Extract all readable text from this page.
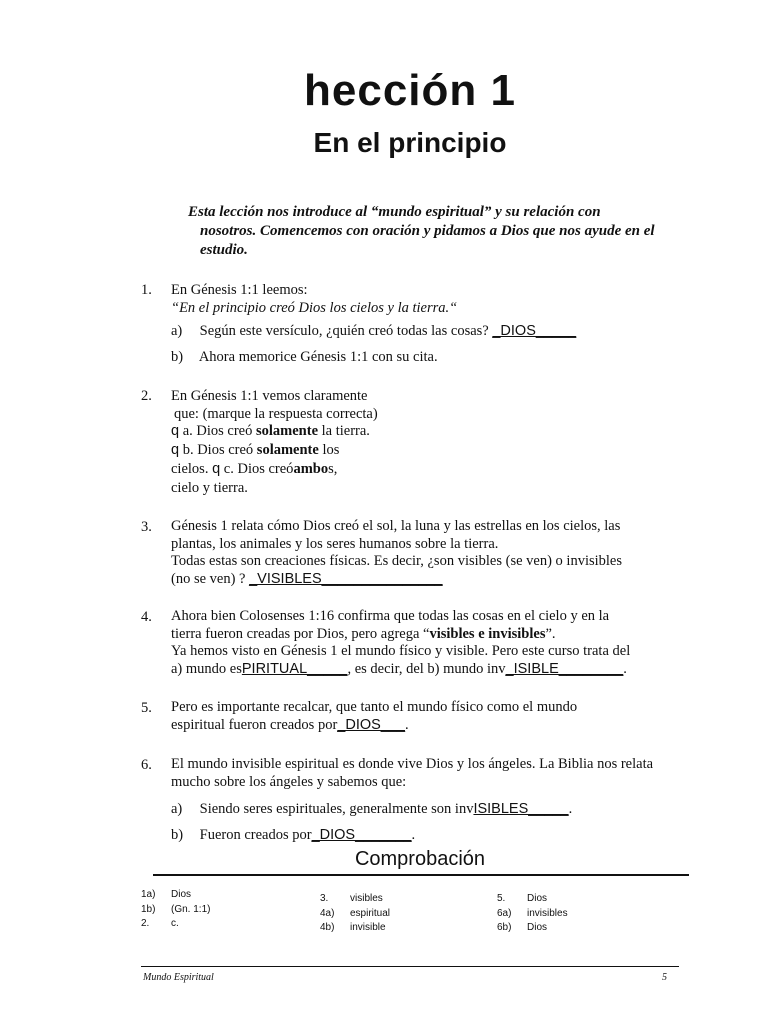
hección 1
En el principio
Esta lección nos introduce al “mundo espiritual” y su relación con
nosotros. Comencemos con oración y pidamos a Dios que nos ayude en el
estudio.
1. En Génesis 1:1 leemos:
“En el principio creó Dios los cielos y la tierra.“
a) Según este versículo, ¿quién creó todas las cosas? _DIOS_____
b) Ahora memorice Génesis 1:1 con su cita.
2. En Génesis 1:1 vemos claramente
que: (marque la respuesta correcta)
q a. Dios creó solamente la tierra.
q b. Dios creó solamente los
cielos. q c. Dios creóambos,
cielo y tierra.
3. Génesis 1 relata cómo Dios creó el sol, la luna y las estrellas en los cielos, las
plantas, los animales y los seres humanos sobre la tierra.
Todas estas son creaciones físicas. Es decir, ¿son visibles (se ven) o invisibles
(no se ven) ? _VISIBLES_______________
4. Ahora bien Colosenses 1:16 confirma que todas las cosas en el cielo y en la
tierra fueron creadas por Dios, pero agrega “visibles e invisibles”.
Ya hemos visto en Génesis 1 el mundo físico y visible. Pero este curso trata del
a) mundo esPIRITUAL_____, es decir, del b) mundo inv_ISIBLE________.
5. Pero es importante recalcar, que tanto el mundo físico como el mundo
espiritual fueron creados por_DIOS___.
6. El mundo invisible espiritual es donde vive Dios y los ángeles. La Biblia nos relata
mucho sobre los ángeles y sabemos que:
a) Siendo seres espirituales, generalmente son invISIBLES_____.
b) Fueron creados por_DIOS_______.
Comprobación
1a) Dios
1b) (Gn. 1:1)
2. c.
3. visibles
4a) espiritual
4b) invisible
5. Dios
6a) invisibles
6b) Dios
Mundo Espiritual	5
